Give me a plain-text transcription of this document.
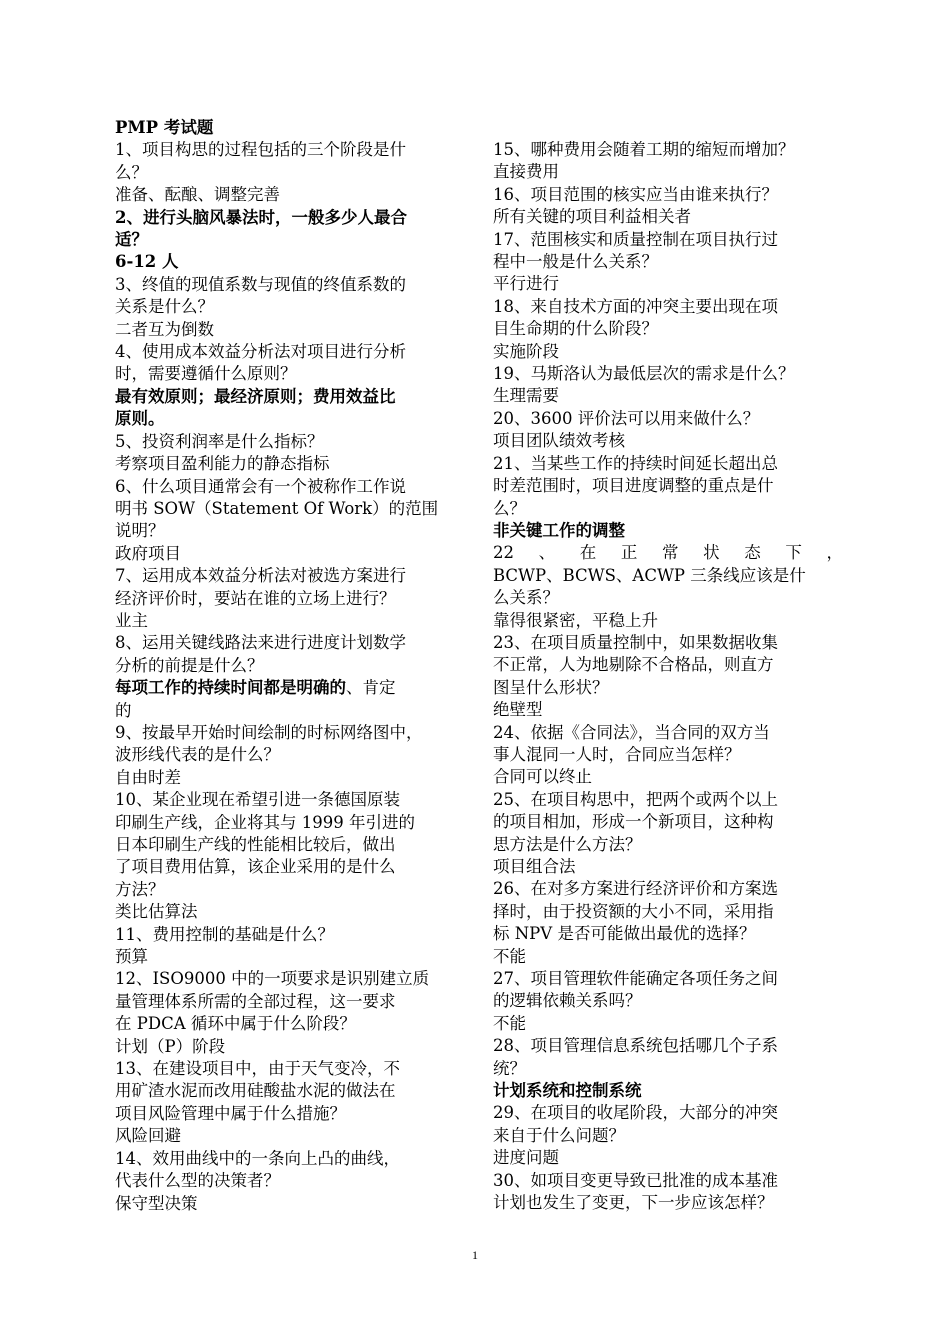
PMP 考试题
1、项目构思的过程包括的三个阶段是什
么？
准备、酝酿、调整完善
2、进行头脑风暴法时，一般多少人最合
适？
6-12 人
3、终值的现值系数与现值的终值系数的
关系是什么？
二者互为倒数
4、使用成本效益分析法对项目进行分析
时，需要遵循什么原则？
最有效原则；最经济原则；费用效益比
原则。
5、投资利润率是什么指标？
考察项目盈利能力的静态指标
6、什么项目通常会有一个被称作工作说
明书 SOW（Statement Of Work）的范围
说明？
政府项目
7、运用成本效益分析法对被选方案进行
经济评价时，要站在谁的立场上进行？
业主
8、运用关键线路法来进行进度计划数学
分析的前提是什么？
每项工作的持续时间都是明确的、肯定
的
9、按最早开始时间绘制的时标网络图中，
波形线代表的是什么？
自由时差
10、某企业现在希望引进一条德国原装
印刷生产线，企业将其与 1999 年引进的
日本印刷生产线的性能相比较后，做出
了项目费用估算，该企业采用的是什么
方法？
类比估算法
11、费用控制的基础是什么？
预算
12、ISO9000 中的一项要求是识别建立质
量管理体系所需的全部过程，这一要求
在 PDCA 循环中属于什么阶段？
计划（P）阶段
13、在建设项目中，由于天气变冷，不
用矿渣水泥而改用硅酸盐水泥的做法在
项目风险管理中属于什么措施？
风险回避
14、效用曲线中的一条向上凸的曲线，
代表什么型的决策者？
保守型决策
15、哪种费用会随着工期的缩短而增加？
直接费用
16、项目范围的核实应当由谁来执行？
所有关键的项目利益相关者
17、范围核实和质量控制在项目执行过
程中一般是什么关系？
平行进行
18、来自技术方面的冲突主要出现在项
目生命期的什么阶段？
实施阶段
19、马斯洛认为最低层次的需求是什么？
生理需要
20、3600 评价法可以用来做什么？
项目团队绩效考核
21、当某些工作的持续时间延长超出总
时差范围时，项目进度调整的重点是什
么？
非关键工作的调整
22 、 在 正 常 状 态 下 ，
BCWP、BCWS、ACWP 三条线应该是什
么关系？
靠得很紧密，平稳上升
23、在项目质量控制中，如果数据收集
不正常，人为地剔除不合格品，则直方
图呈什么形状？
绝壁型
24、依据《合同法》，当合同的双方当
事人混同一人时，合同应当怎样？
合同可以终止
25、在项目构思中，把两个或两个以上
的项目相加，形成一个新项目，这种构
思方法是什么方法？
项目组合法
26、在对多方案进行经济评价和方案选
择时，由于投资额的大小不同，采用指
标 NPV 是否可能做出最优的选择？
不能
27、项目管理软件能确定各项任务之间
的逻辑依赖关系吗？
不能
28、项目管理信息系统包括哪几个子系
统？
计划系统和控制系统
29、在项目的收尾阶段，大部分的冲突
来自于什么问题？
进度问题
30、如项目变更导致已批准的成本基准
计划也发生了变更，下一步应该怎样？
1
